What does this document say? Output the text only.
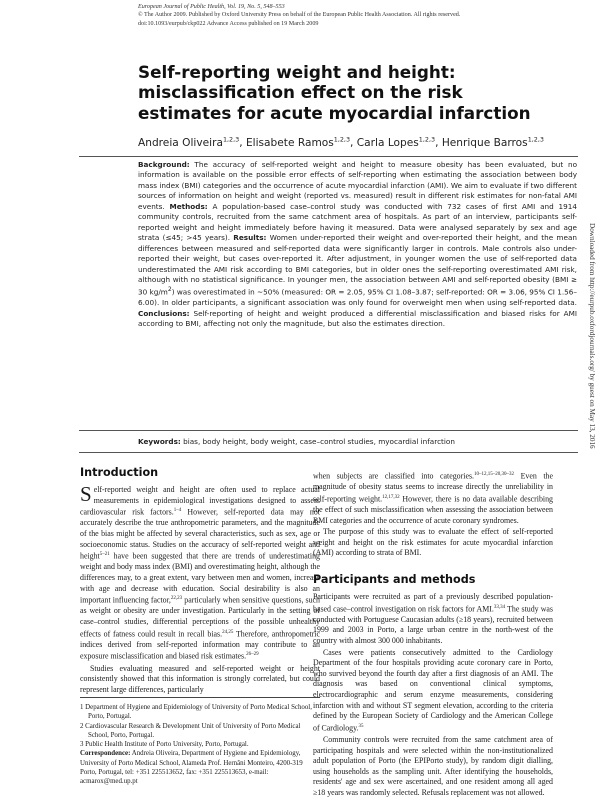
European Journal of Public Health, Vol. 19, No. 5, 548–553
© The Author 2009. Published by Oxford University Press on behalf of the European Public Health Association. All rights reserved.
doi:10.1093/eurpub/ckp022 Advance Access published on 19 March 2009
Self-reporting weight and height: misclassification effect on the risk estimates for acute myocardial infarction
Andreia Oliveira$^{1,2,3}$, Elisabete Ramos$^{1,2,3}$, Carla Lopes$^{1,2,3}$, Henrique Barros$^{1,2,3}$

Background: The accuracy of self-reported weight and height to measure obesity has been evaluated, but no information is available on the possible error effects of self-reporting when estimating the association between body mass index (BMI) categories and the occurrence of acute myocardial infarction (AMI). We aim to evaluate if two different sources of information on height and weight (reported vs. measured) result in different risk estimates for non-fatal AMI events. Methods: A population-based case–control study was conducted with 732 cases of first AMI and 1914 community controls, recruited from the same catchment area of hospitals. As part of an interview, participants self-reported weight and height immediately before having it measured. Data were analysed separately by sex and age strata (≤45; >45 years). Results: Women under-reported their weight and over-reported their height, and the mean differences between measured and self-reported data were significantly larger in controls. Male controls also under-reported their weight, but cases over-reported it. After adjustment, in younger women the use of self-reported data underestimated the AMI risk according to BMI categories, but in older ones the self-reporting overestimated AMI risk, although with no statistical significance. In younger men, the association between AMI and self-reported obesity (BMI ≥ 30 $kg/m^2$) was overestimated in ~50% (measured: OR = 2.05, 95% CI 1.08–3.87; self-reported: OR = 3.06, 95% CI 1.56–6.00). In older participants, a significant association was only found for overweight men when using self-reported data. Conclusions: Self-reporting of height and weight produced a differential misclassification and biased risks for AMI according to BMI, affecting not only the magnitude, but also the estimates direction.

Keywords: bias, body height, body weight, case–control studies, myocardial infarction	Downloaded from http://eurpub.oxfordjournals.org/ by guest on May 13, 2016
Introduction

Self-reported weight and height are often used to replace actual measurements in epidemiological investigations designed to assess cardiovascular risk factors.$^{1-4}$ However, self-reported data may not accurately describe the true anthropometric parameters, and the magnitude of the bias might be affected by several characteristics, such as sex, age or socioeconomic status. Studies on the accuracy of self-reported weight and height$^{5-21}$ have been suggested that there are trends of underestimating weight and body mass index (BMI) and overestimating height, although the differences may, to a great extent, vary between men and women, increase with age and decrease with education. Social desirability is also an important influencing factor,$^{22,23}$ particularly when sensitive questions, such as weight or obesity are under investigation. Particularly in the setting of case–control studies, differential perceptions of the possible unhealthy effects of fatness could result in recall bias.$^{24,25}$ Therefore, anthropometric indices derived from self-reported information may contribute to an exposure misclassification and biased risk estimates.$^{26-29}$

Studies evaluating measured and self-reported weight or height consistently showed that this information is strongly correlated, but could represent large differences, particularly

1 Department of Hygiene and Epidemiology of University of Porto Medical School, Porto, Portugal.
2 Cardiovascular Research & Development Unit of University of Porto Medical School, Porto, Portugal.
3 Public Health Institute of Porto University, Porto, Portugal.
Correspondence: Andreia Oliveira, Department of Hygiene and Epidemiology, University of Porto Medical School, Alameda Prof. Hernâni Monteiro, 4200-319 Porto, Portugal, tel: +351 225513652, fax: +351 225513653, e-mail: acmarox@med.up.pt

when subjects are classified into categories.$^{10-12,15-20,30-32}$ Even the magnitude of obesity status seems to increase directly the unreliability in self-reporting weight.$^{12,17,32}$ However, there is no data available describing the effect of such misclassification when assessing the association between BMI categories and the occurrence of acute coronary syndromes.

The purpose of this study was to evaluate the effect of self-reported weight and height on the risk estimates for acute myocardial infarction (AMI) according to strata of BMI.

Participants and methods

Participants were recruited as part of a previously described population-based case–control investigation on risk factors for AMI.$^{33,34}$ The study was conducted with Portuguese Caucasian adults (≥18 years), recruited between 1999 and 2003 in Porto, a large urban centre in the north-west of the country with almost 300 000 inhabitants.

Cases were patients consecutively admitted to the Cardiology Department of the four hospitals providing acute coronary care in Porto, who survived beyond the fourth day after a first diagnosis of an AMI. The diagnosis was based on conventional clinical symptoms, electrocardiographic and serum enzyme measurements, considering infarction with and without ST segment elevation, according to the criteria defined by the European Society of Cardiology and the American College of Cardiology.$^{35}$

Community controls were recruited from the same catchment area of participating hospitals and were selected within the non-institutionalized adult population of Porto (the EPIPorto study), by random digit dialling, using households as the sampling unit. After identifying the households, residents' age and sex were ascertained, and one resident among all aged ≥18 years was randomly selected. Refusals replacement was not allowed.
